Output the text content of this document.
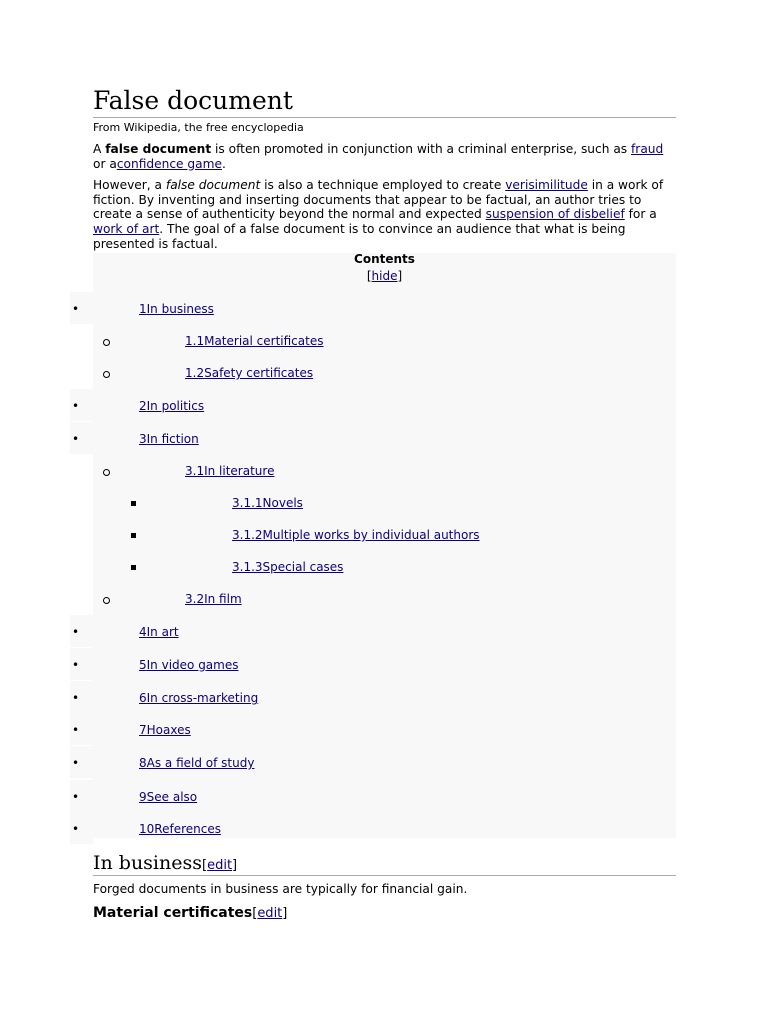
False document
From Wikipedia, the free encyclopedia

A false document is often promoted in conjunction with a criminal enterprise, such as fraud or aconfidence game.

However, a false document is also a technique employed to create verisimilitude in a work of fiction. By inventing and inserting documents that appear to be factual, an author tries to create a sense of authenticity beyond the normal and expected suspension of disbelief for a work of art. The goal of a false document is to convince an audience that what is being presented is factual.

Contents
[hide]
•
1In business
1.1Material certificates
1.2Safety certificates
•
2In politics
•
3In fiction
3.1In literature
3.1.1Novels
3.1.2Multiple works by individual authors
3.1.3Special cases
3.2In film
•
4In art
•
5In video games
•
6In cross-marketing
•
7Hoaxes
•
8As a field of study
•
9See also
•
10References
In business[edit]
Forged documents in business are typically for financial gain.
Material certificates[edit]
